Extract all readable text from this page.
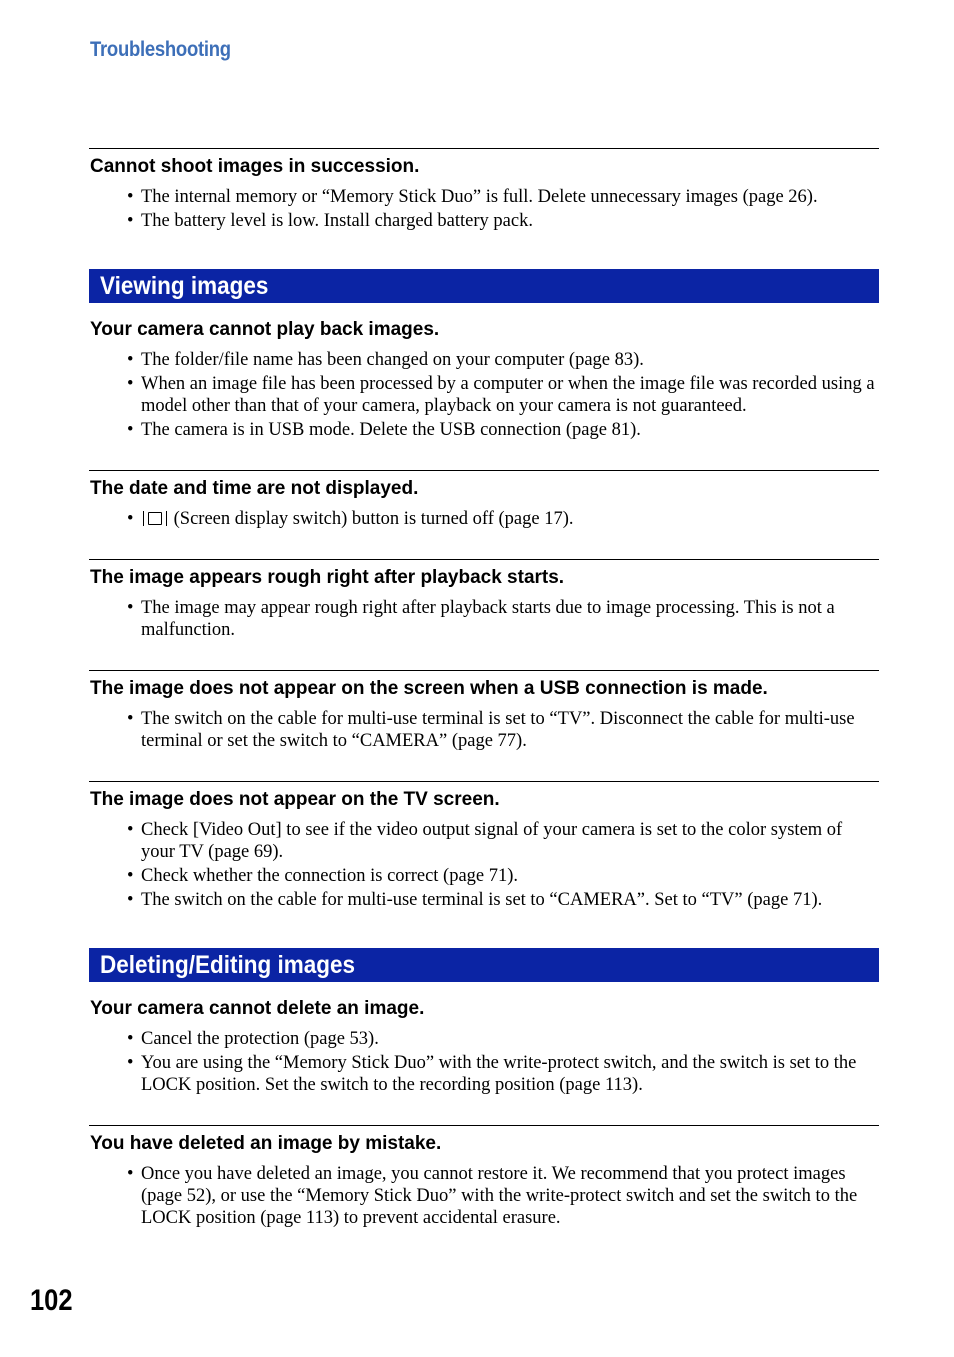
Troubleshooting
Cannot shoot images in succession.
• The internal memory or “Memory Stick Duo” is full. Delete unnecessary images (page 26).
• The battery level is low. Install charged battery pack.
Viewing images
Your camera cannot play back images.
• The folder/file name has been changed on your computer (page 83).
• When an image file has been processed by a computer or when the image file was recorded using a model other than that of your camera, playback on your camera is not guaranteed.
• The camera is in USB mode. Delete the USB connection (page 81).
The date and time are not displayed.
• (Screen display switch) button is turned off (page 17).
The image appears rough right after playback starts.
• The image may appear rough right after playback starts due to image processing. This is not a malfunction.
The image does not appear on the screen when a USB connection is made.
• The switch on the cable for multi-use terminal is set to “TV”. Disconnect the cable for multi-use terminal or set the switch to “CAMERA” (page 77).
The image does not appear on the TV screen.
• Check [Video Out] to see if the video output signal of your camera is set to the color system of your TV (page 69).
• Check whether the connection is correct (page 71).
• The switch on the cable for multi-use terminal is set to “CAMERA”. Set to “TV” (page 71).
Deleting/Editing images
Your camera cannot delete an image.
• Cancel the protection (page 53).
• You are using the “Memory Stick Duo” with the write-protect switch, and the switch is set to the LOCK position. Set the switch to the recording position (page 113).
You have deleted an image by mistake.
• Once you have deleted an image, you cannot restore it. We recommend that you protect images (page 52), or use the “Memory Stick Duo” with the write-protect switch and set the switch to the LOCK position (page 113) to prevent accidental erasure.
102
